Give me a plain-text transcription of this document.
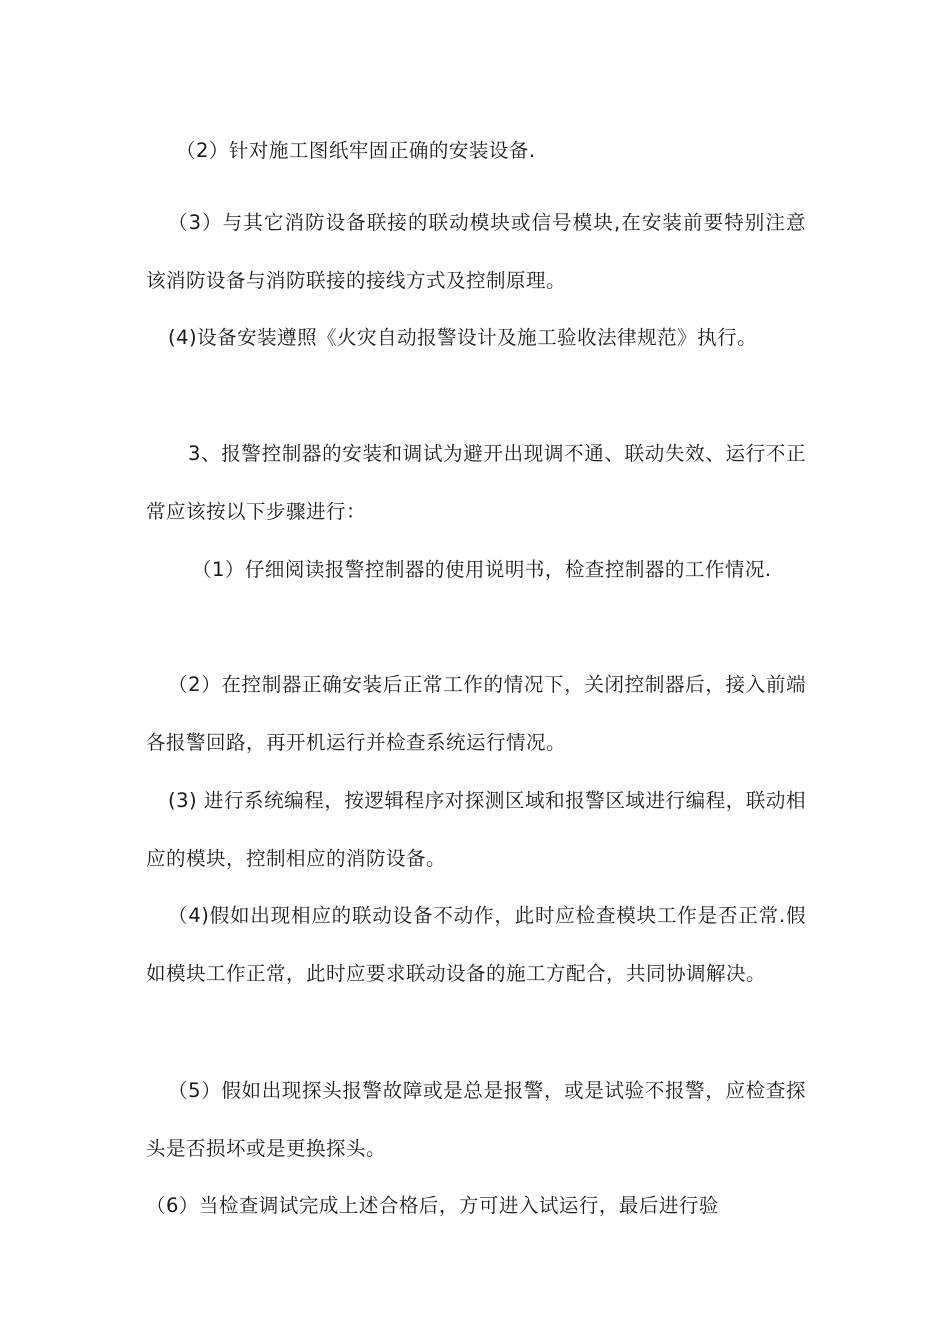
（2）针对施工图纸牢固正确的安装设备.

（3）与其它消防设备联接的联动模块或信号模块,在安装前要特别注意该消防设备与消防联接的接线方式及控制原理。

(4)设备安装遵照《火灾自动报警设计及施工验收法律规范》执行。

3、报警控制器的安装和调试为避开出现调不通、联动失效、运行不正常应该按以下步骤进行：

（1）仔细阅读报警控制器的使用说明书，检查控制器的工作情况.

（2）在控制器正确安装后正常工作的情况下，关闭控制器后，接入前端各报警回路，再开机运行并检查系统运行情况。

(3) 进行系统编程，按逻辑程序对探测区域和报警区域进行编程，联动相应的模块，控制相应的消防设备。

（4)假如出现相应的联动设备不动作，此时应检查模块工作是否正常.假如模块工作正常，此时应要求联动设备的施工方配合，共同协调解决。

（5）假如出现探头报警故障或是总是报警，或是试验不报警，应检查探头是否损坏或是更换探头。

（6）当检查调试完成上述合格后，方可进入试运行，最后进行验
